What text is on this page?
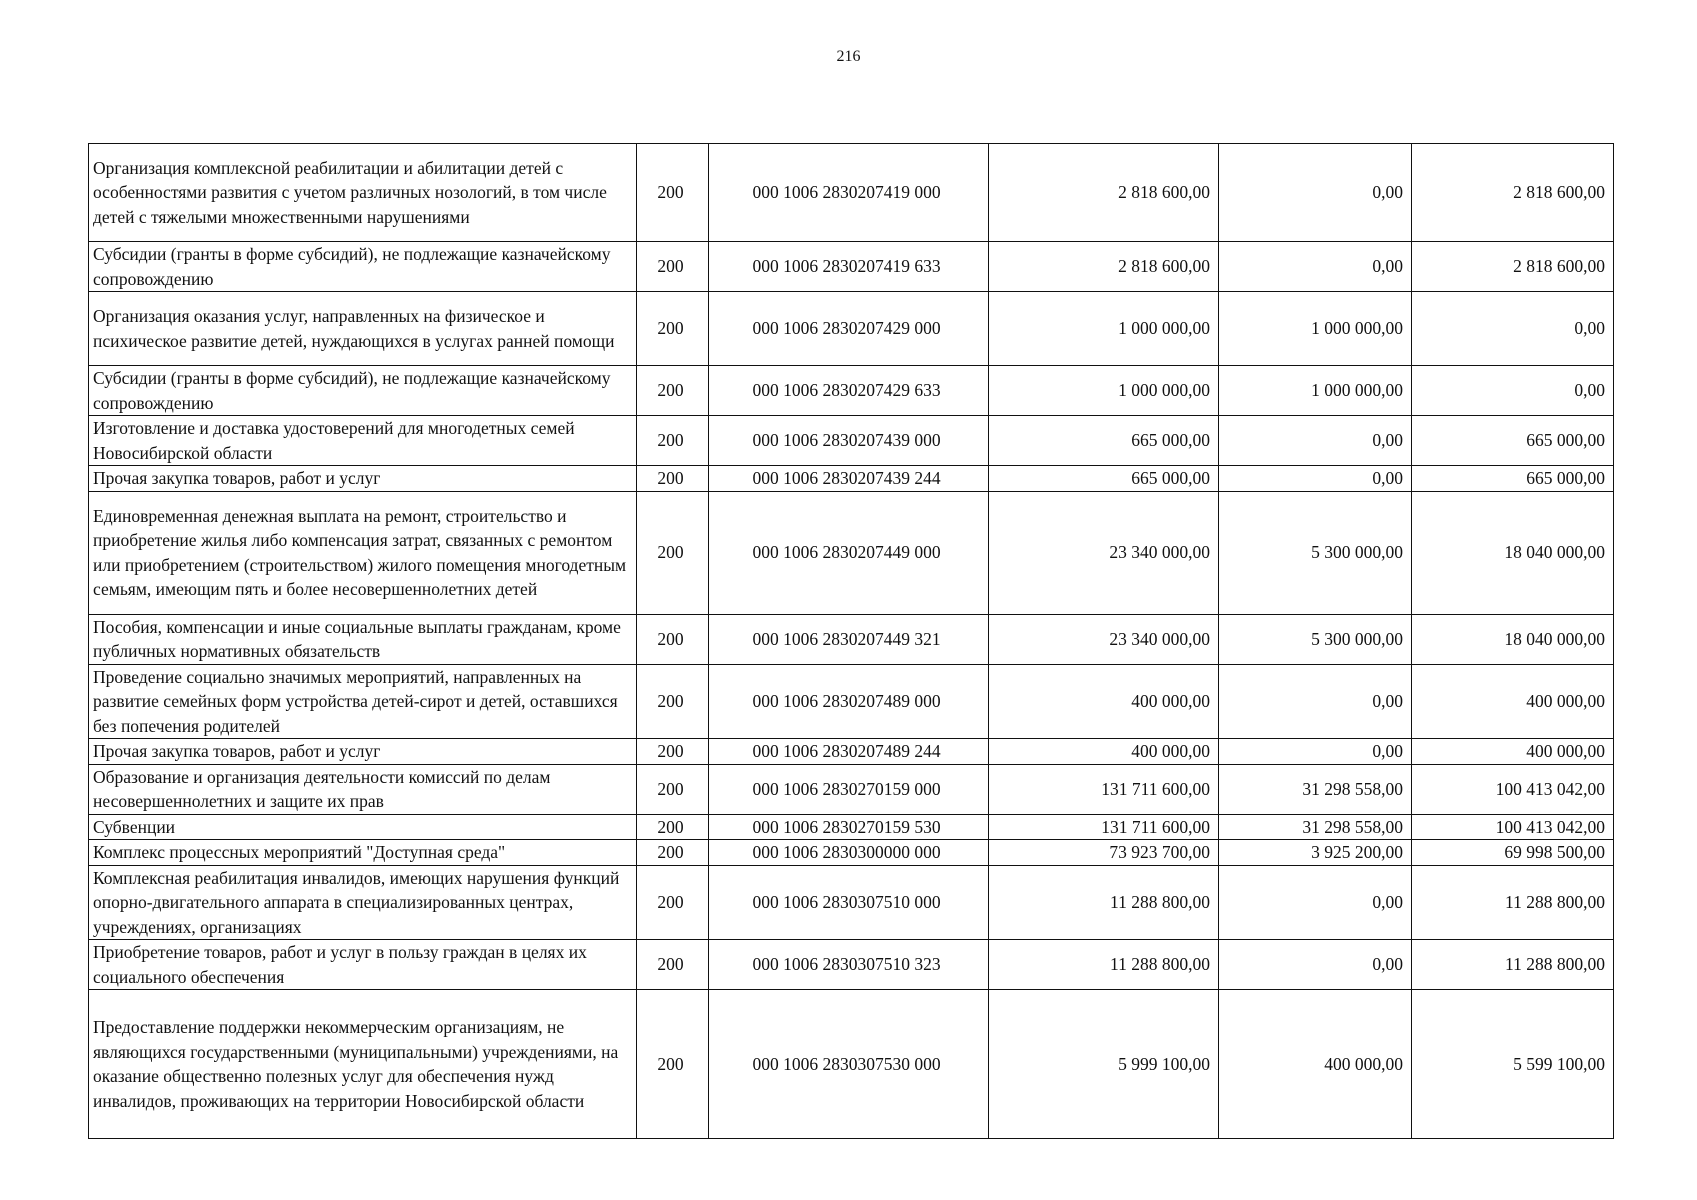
216
Организация комплексной реабилитации и абилитации детей с особенностями развития с учетом различных нозологий, в том числе детей с тяжелыми множественными нарушениями	200	000 1006 2830207419 000	2 818 600,00	0,00	2 818 600,00
Субсидии (гранты в форме субсидий), не подлежащие казначейскому сопровождению	200	000 1006 2830207419 633	2 818 600,00	0,00	2 818 600,00
Организация оказания услуг, направленных на физическое и психическое развитие детей, нуждающихся в услугах ранней помощи	200	000 1006 2830207429 000	1 000 000,00	1 000 000,00	0,00
Субсидии (гранты в форме субсидий), не подлежащие казначейскому сопровождению	200	000 1006 2830207429 633	1 000 000,00	1 000 000,00	0,00
Изготовление и доставка удостоверений для многодетных семей Новосибирской области	200	000 1006 2830207439 000	665 000,00	0,00	665 000,00
Прочая закупка товаров, работ и услуг	200	000 1006 2830207439 244	665 000,00	0,00	665 000,00
Единовременная денежная выплата на ремонт, строительство и приобретение жилья либо компенсация затрат, связанных с ремонтом или приобретением (строительством) жилого помещения многодетным семьям, имеющим пять и более несовершеннолетних детей	200	000 1006 2830207449 000	23 340 000,00	5 300 000,00	18 040 000,00
Пособия, компенсации и иные социальные выплаты гражданам, кроме публичных нормативных обязательств	200	000 1006 2830207449 321	23 340 000,00	5 300 000,00	18 040 000,00
Проведение социально значимых мероприятий, направленных на развитие семейных форм устройства детей-сирот и детей, оставшихся без попечения родителей	200	000 1006 2830207489 000	400 000,00	0,00	400 000,00
Прочая закупка товаров, работ и услуг	200	000 1006 2830207489 244	400 000,00	0,00	400 000,00
Образование и организация деятельности комиссий по делам несовершеннолетних и защите их прав	200	000 1006 2830270159 000	131 711 600,00	31 298 558,00	100 413 042,00
Субвенции	200	000 1006 2830270159 530	131 711 600,00	31 298 558,00	100 413 042,00
Комплекс процессных мероприятий "Доступная среда"	200	000 1006 2830300000 000	73 923 700,00	3 925 200,00	69 998 500,00
Комплексная реабилитация инвалидов, имеющих нарушения функций опорно-двигательного аппарата в специализированных центрах, учреждениях, организациях	200	000 1006 2830307510 000	11 288 800,00	0,00	11 288 800,00
Приобретение товаров, работ и услуг в пользу граждан в целях их социального обеспечения	200	000 1006 2830307510 323	11 288 800,00	0,00	11 288 800,00
Предоставление поддержки некоммерческим организациям, не являющихся государственными (муниципальными) учреждениями, на оказание общественно полезных услуг для обеспечения нужд инвалидов, проживающих на территории Новосибирской области	200	000 1006 2830307530 000	5 999 100,00	400 000,00	5 599 100,00
